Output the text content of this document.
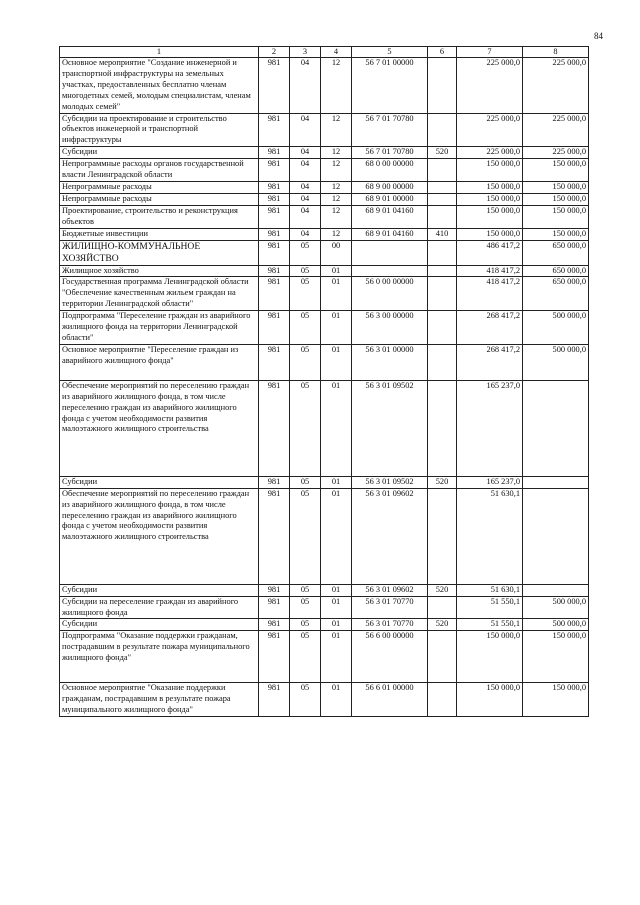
84
1	2	3	4	5	6	7	8
Основное мероприятие "Создание инженерной и транспортной инфраструктуры на земельных участках, предоставленных бесплатно членам многодетных семей, молодым специалистам, членам молодых семей"	981	04	12	56 7 01 00000		225 000,0	225 000,0
Субсидии на проектирование и строительство объектов инженерной и транспортной инфраструктуры	981	04	12	56 7 01 70780		225 000,0	225 000,0
Субсидии	981	04	12	56 7 01 70780	520	225 000,0	225 000,0
Непрограммные расходы органов государственной власти Ленинградской области	981	04	12	68 0 00 00000		150 000,0	150 000,0
Непрограммные расходы	981	04	12	68 9 00 00000		150 000,0	150 000,0
Непрограммные расходы	981	04	12	68 9 01 00000		150 000,0	150 000,0
Проектирование, строительство и реконструкция объектов	981	04	12	68 9 01 04160		150 000,0	150 000,0
Бюджетные инвестиции	981	04	12	68 9 01 04160	410	150 000,0	150 000,0
ЖИЛИЩНО-КОММУНАЛЬНОЕ ХОЗЯЙСТВО	981	05	00			486 417,2	650 000,0
Жилищное хозяйство	981	05	01			418 417,2	650 000,0
Государственная программа Ленинградской области "Обеспечение качественным жильем граждан на территории Ленинградской области"	981	05	01	56 0 00 00000		418 417,2	650 000,0
Подпрограмма "Переселение граждан из аварийного жилищного фонда на территории Ленинградской области"	981	05	01	56 3 00 00000		268 417,2	500 000,0
Основное мероприятие "Переселение граждан из аварийного жилищного фонда"	981	05	01	56 3 01 00000		268 417,2	500 000,0
Обеспечение мероприятий по переселению граждан из аварийного жилищного фонда, в том числе переселению граждан из аварийного жилищного фонда с учетом необходимости развития малоэтажного жилищного строительства	981	05	01	56 3 01 09502		165 237,0	
Субсидии	981	05	01	56 3 01 09502	520	165 237,0	
Обеспечение мероприятий по переселению граждан из аварийного жилищного фонда, в том числе переселению граждан из аварийного жилищного фонда с учетом необходимости развития малоэтажного жилищного строительства	981	05	01	56 3 01 09602		51 630,1	
Субсидии	981	05	01	56 3 01 09602	520	51 630,1	
Субсидии на переселение граждан из аварийного жилищного фонда	981	05	01	56 3 01 70770		51 550,1	500 000,0
Субсидии	981	05	01	56 3 01 70770	520	51 550,1	500 000,0
Подпрограмма "Оказание поддержки гражданам, пострадавшим в результате пожара муниципального жилищного фонда"	981	05	01	56 6 00 00000		150 000,0	150 000,0
Основное мероприятие "Оказание поддержки гражданам, пострадавшим в результате пожара муниципального жилищного фонда"	981	05	01	56 6 01 00000		150 000,0	150 000,0
